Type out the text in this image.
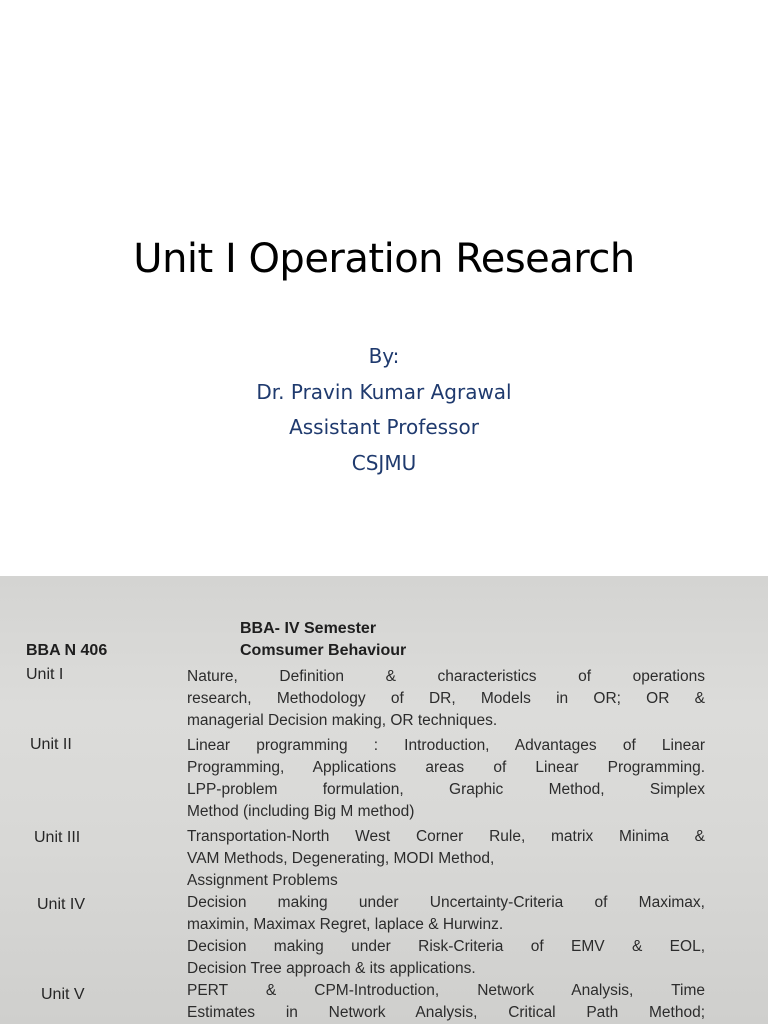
Unit I Operation Research
By:
Dr. Pravin Kumar Agrawal
Assistant Professor
CSJMU
BBA- IV Semester
BBA N 406	Comsumer Behaviour
Unit I	Nature, Definition & characteristics of operations
research, Methodology of DR, Models in OR; OR &
managerial Decision making, OR techniques.
Unit II	Linear programming : Introduction, Advantages of Linear
Programming, Applications areas of Linear Programming.
LPP-problem formulation, Graphic Method, Simplex
Method (including Big M method)
Unit III	Transportation-North West Corner Rule, matrix Minima &
VAM Methods, Degenerating, MODI Method,
Assignment Problems
Unit IV	Decision making under Uncertainty-Criteria of Maximax,
maximin, Maximax Regret, laplace & Hurwinz.
Decision making under Risk-Criteria of EMV & EOL,
Decision Tree approach & its applications.
Unit V	PERT & CPM-Introduction, Network Analysis, Time
Estimates in Network Analysis, Critical Path Method;
